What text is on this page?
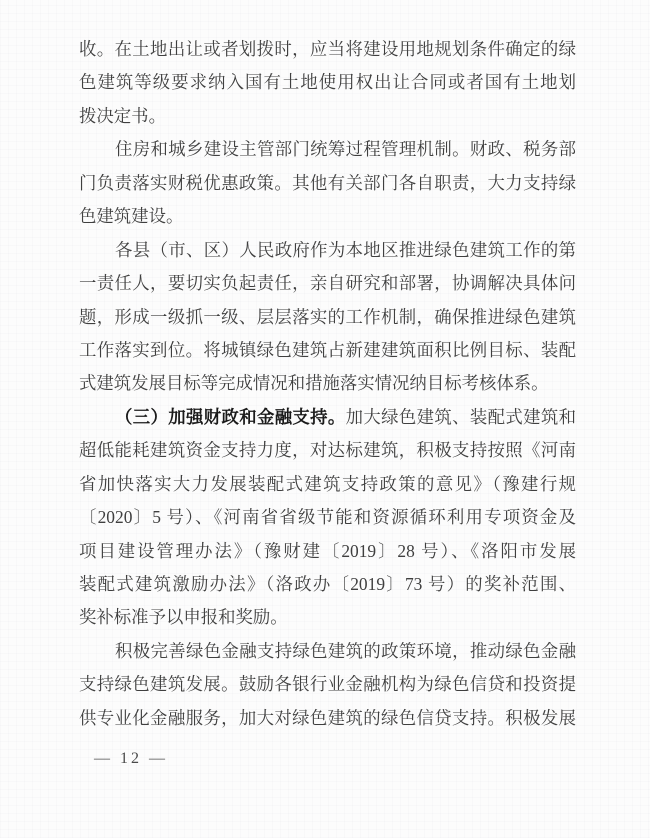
收。在土地出让或者划拨时，应当将建设用地规划条件确定的绿
色建筑等级要求纳入国有土地使用权出让合同或者国有土地划
拨决定书。
住房和城乡建设主管部门统筹过程管理机制。财政、税务部
门负责落实财税优惠政策。其他有关部门各自职责，大力支持绿
色建筑建设。
各县（市、区）人民政府作为本地区推进绿色建筑工作的第
一责任人，要切实负起责任，亲自研究和部署，协调解决具体问
题，形成一级抓一级、层层落实的工作机制，确保推进绿色建筑
工作落实到位。将城镇绿色建筑占新建建筑面积比例目标、装配
式建筑发展目标等完成情况和措施落实情况纳目标考核体系。
（三）加强财政和金融支持。加大绿色建筑、装配式建筑和
超低能耗建筑资金支持力度，对达标建筑，积极支持按照《河南
省加快落实大力发展装配式建筑支持政策的意见》（豫建行规
〔2020〕5 号）、《河南省省级节能和资源循环利用专项资金及
项目建设管理办法》（豫财建〔2019〕28 号）、《洛阳市发展
装配式建筑激励办法》（洛政办〔2019〕73 号）的奖补范围、
奖补标准予以申报和奖励。
积极完善绿色金融支持绿色建筑的政策环境，推动绿色金融
支持绿色建筑发展。鼓励各银行业金融机构为绿色信贷和投资提
供专业化金融服务，加大对绿色建筑的绿色信贷支持。积极发展
— 12 —
